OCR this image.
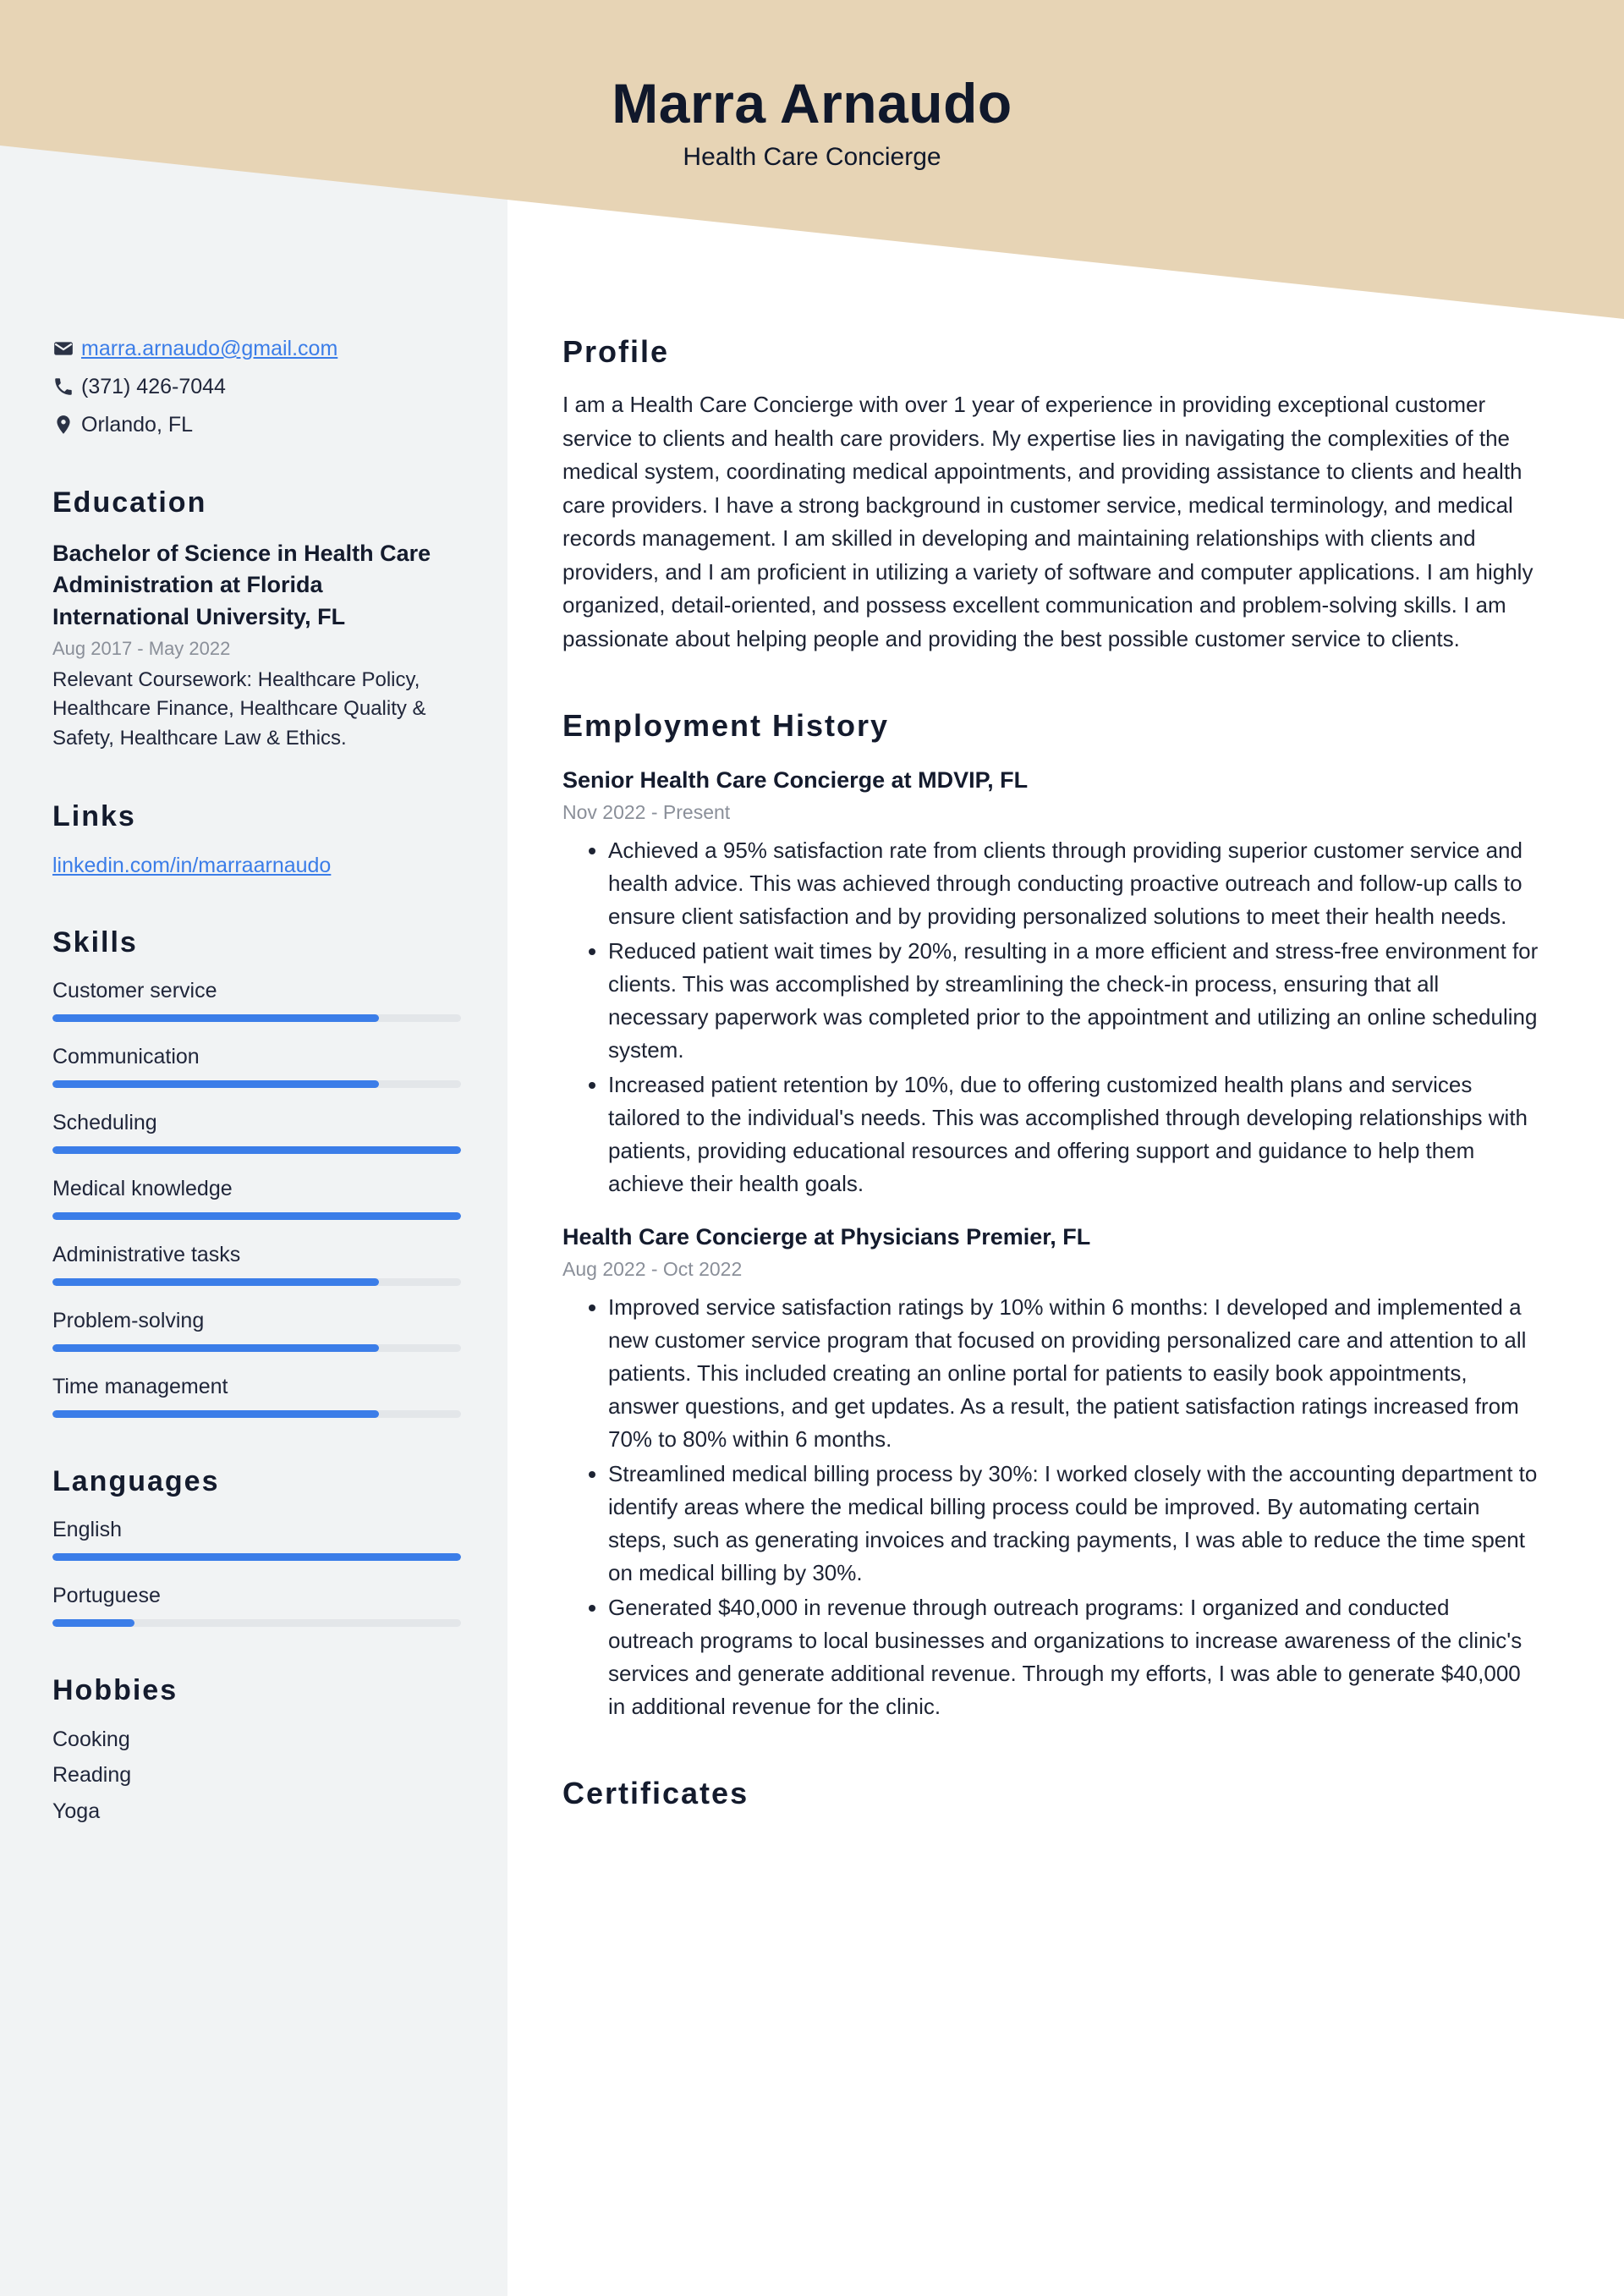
Marra Arnaudo
Health Care Concierge
marra.arnaudo@gmail.com
(371) 426-7044
Orlando, FL
Education
Bachelor of Science in Health Care Administration at Florida International University, FL
Aug 2017 - May 2022
Relevant Coursework: Healthcare Policy, Healthcare Finance, Healthcare Quality & Safety, Healthcare Law & Ethics.
Links
linkedin.com/in/marraarnaudo
Skills
Customer service
Communication
Scheduling
Medical knowledge
Administrative tasks
Problem-solving
Time management
Languages
English
Portuguese
Hobbies
Cooking
Reading
Yoga
Profile
I am a Health Care Concierge with over 1 year of experience in providing exceptional customer service to clients and health care providers. My expertise lies in navigating the complexities of the medical system, coordinating medical appointments, and providing assistance to clients and health care providers. I have a strong background in customer service, medical terminology, and medical records management. I am skilled in developing and maintaining relationships with clients and providers, and I am proficient in utilizing a variety of software and computer applications. I am highly organized, detail-oriented, and possess excellent communication and problem-solving skills. I am passionate about helping people and providing the best possible customer service to clients.
Employment History
Senior Health Care Concierge at MDVIP, FL
Nov 2022 - Present
• Achieved a 95% satisfaction rate from clients through providing superior customer service and health advice. This was achieved through conducting proactive outreach and follow-up calls to ensure client satisfaction and by providing personalized solutions to meet their health needs.
• Reduced patient wait times by 20%, resulting in a more efficient and stress-free environment for clients. This was accomplished by streamlining the check-in process, ensuring that all necessary paperwork was completed prior to the appointment and utilizing an online scheduling system.
• Increased patient retention by 10%, due to offering customized health plans and services tailored to the individual's needs. This was accomplished through developing relationships with patients, providing educational resources and offering support and guidance to help them achieve their health goals.
Health Care Concierge at Physicians Premier, FL
Aug 2022 - Oct 2022
• Improved service satisfaction ratings by 10% within 6 months: I developed and implemented a new customer service program that focused on providing personalized care and attention to all patients. This included creating an online portal for patients to easily book appointments, answer questions, and get updates. As a result, the patient satisfaction ratings increased from 70% to 80% within 6 months.
• Streamlined medical billing process by 30%: I worked closely with the accounting department to identify areas where the medical billing process could be improved. By automating certain steps, such as generating invoices and tracking payments, I was able to reduce the time spent on medical billing by 30%.
• Generated $40,000 in revenue through outreach programs: I organized and conducted outreach programs to local businesses and organizations to increase awareness of the clinic's services and generate additional revenue. Through my efforts, I was able to generate $40,000 in additional revenue for the clinic.
Certificates
